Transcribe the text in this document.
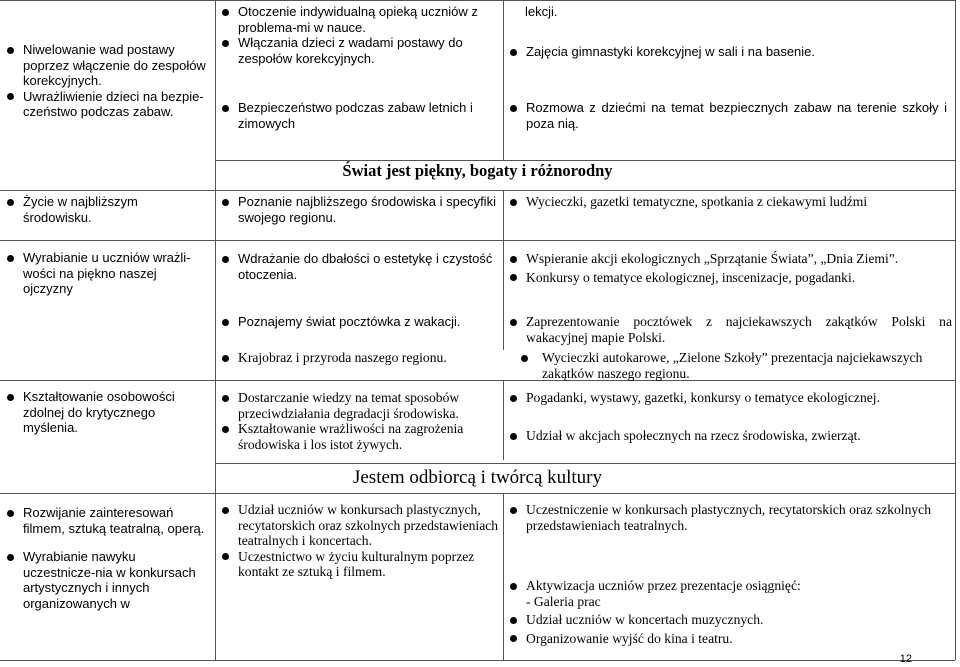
Niwelowanie wad postawy poprzez włączenie do zespołów korekcyjnych.
Uwrażliwienie dzieci na bezpie-czeństwo podczas zabaw.
Życie w najbliższym środowisku.
Wyrabianie u uczniów wrażli-wości na piękno naszej ojczyzny
Kształtowanie osobowości zdolnej do krytycznego myślenia.
Rozwijanie zainteresowań filmem, sztuką teatralną, operą.
Wyrabianie nawyku uczestnicze-nia w konkursach artystycznych i innych organizowanych w
Otoczenie indywidualną opieką uczniów z problema-mi w nauce.
Włączania dzieci z wadami postawy do zespołów korekcyjnych.
Bezpieczeństwo podczas zabaw letnich i zimowych
Poznanie najbliższego środowiska i specyfiki swojego regionu.
Wdrażanie do dbałości o estetykę i czystość otoczenia.
Poznajemy świat pocztówka z wakacji.
Dostarczanie wiedzy na temat sposobów przeciwdziałania degradacji środowiska.
Kształtowanie wrażliwości na zagrożenia środowiska i los istot żywych.
Udział uczniów w konkursach plastycznych, recytatorskich oraz szkolnych przedstawieniach teatralnych i koncertach.
Uczestnictwo w życiu kulturalnym poprzez kontakt ze sztuką i filmem.
lekcji.
Zajęcia gimnastyki korekcyjnej w sali i na basenie.
Rozmowa z dziećmi na temat bezpiecznych zabaw na terenie szkoły i poza nią.
Wycieczki, gazetki tematyczne, spotkania z ciekawymi ludźmi
Wspieranie akcji ekologicznych „Sprzątanie Świata”, „Dnia Ziemi”.
Konkursy o tematyce ekologicznej, inscenizacje, pogadanki.
Zaprezentowanie pocztówek z najciekawszych zakątków Polski na wakacyjnej mapie Polski.
Krajobraz i przyroda naszego regionu.	Wycieczki autokarowe, „Zielone Szkoły” prezentacja najciekawszych zakątków naszego regionu.
Pogadanki, wystawy, gazetki, konkursy o tematyce ekologicznej.
Udział w akcjach społecznych na rzecz środowiska, zwierząt.
Uczestniczenie w konkursach plastycznych, recytatorskich oraz szkolnych przedstawieniach teatralnych.
Aktywizacja uczniów przez prezentacje osiągnięć:
- Galeria prac
Udział uczniów w koncertach muzycznych.
Organizowanie wyjść do kina i teatru.
Świat jest piękny, bogaty i różnorodny
Jestem odbiorcą i twórcą kultury
12
